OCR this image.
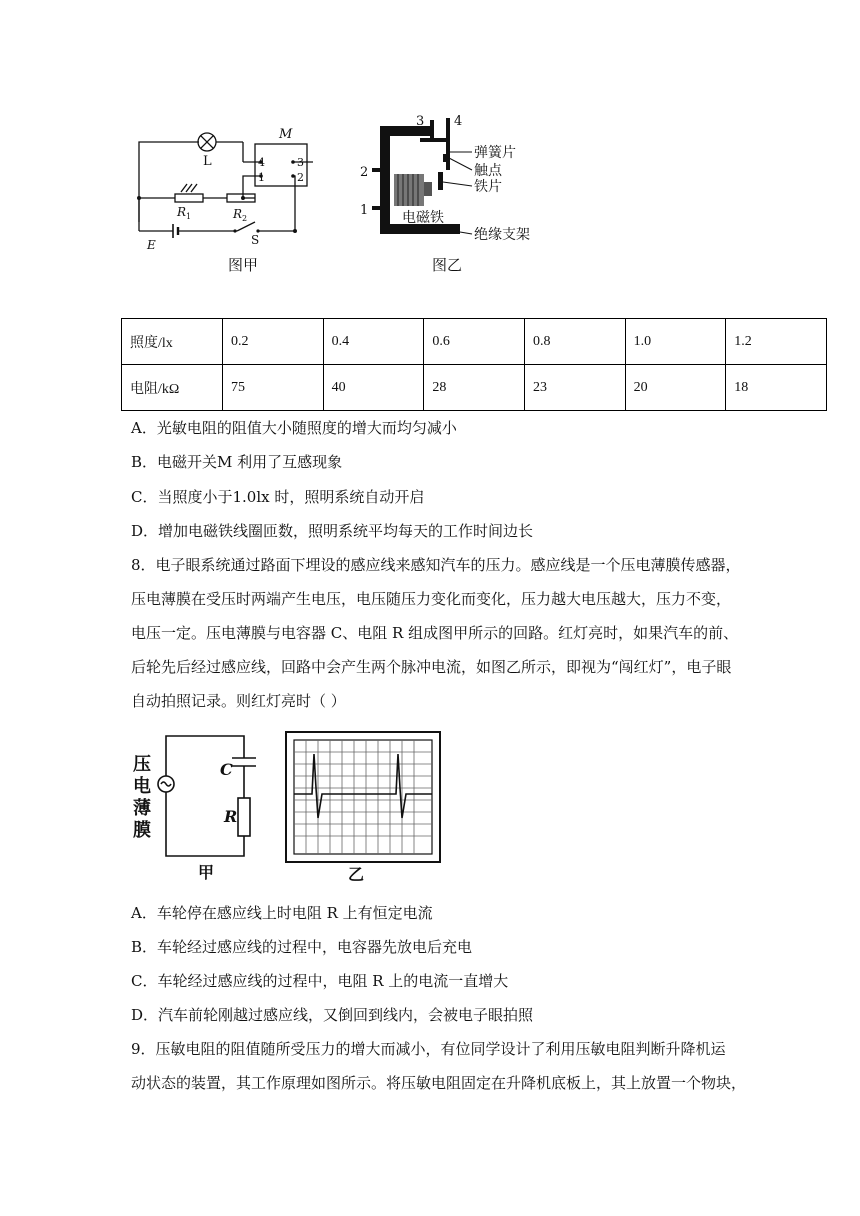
L
M
4	3
1	2
R 1	R 2
E	S
图甲
3 4
2
1
弹簧片
触点
铁片
电磁铁
绝缘支架
图乙
照度/lx	0.2	0.4	0.6	0.8	1.0	1.2
电阻/kΩ	75	40	28	23	20	18
A．光敏电阻的阻值大小随照度的增大而均匀减小
B．电磁开关M 利用了互感现象
C．当照度小于1.0lx 时，照明系统自动开启
D．增加电磁铁线圈匝数，照明系统平均每天的工作时间边长
8．电子眼系统通过路面下埋设的感应线来感知汽车的压力。感应线是一个压电薄膜传感器，
压电薄膜在受压时两端产生电压，电压随压力变化而变化，压力越大电压越大，压力不变，
电压一定。压电薄膜与电容器 C、电阻 R 组成图甲所示的回路。红灯亮时，如果汽车的前、
后轮先后经过感应线，回路中会产生两个脉冲电流，如图乙所示，即视为“闯红灯”，电子眼
自动拍照记录。则红灯亮时（ ）
压
电
薄
膜
C
R
甲	乙
A．车轮停在感应线上时电阻 R 上有恒定电流
B．车轮经过感应线的过程中，电容器先放电后充电
C．车轮经过感应线的过程中，电阻 R 上的电流一直增大
D．汽车前轮刚越过感应线，又倒回到线内，会被电子眼拍照
9．压敏电阻的阻值随所受压力的增大而减小，有位同学设计了利用压敏电阻判断升降机运
动状态的装置，其工作原理如图所示。将压敏电阻固定在升降机底板上，其上放置一个物块，
